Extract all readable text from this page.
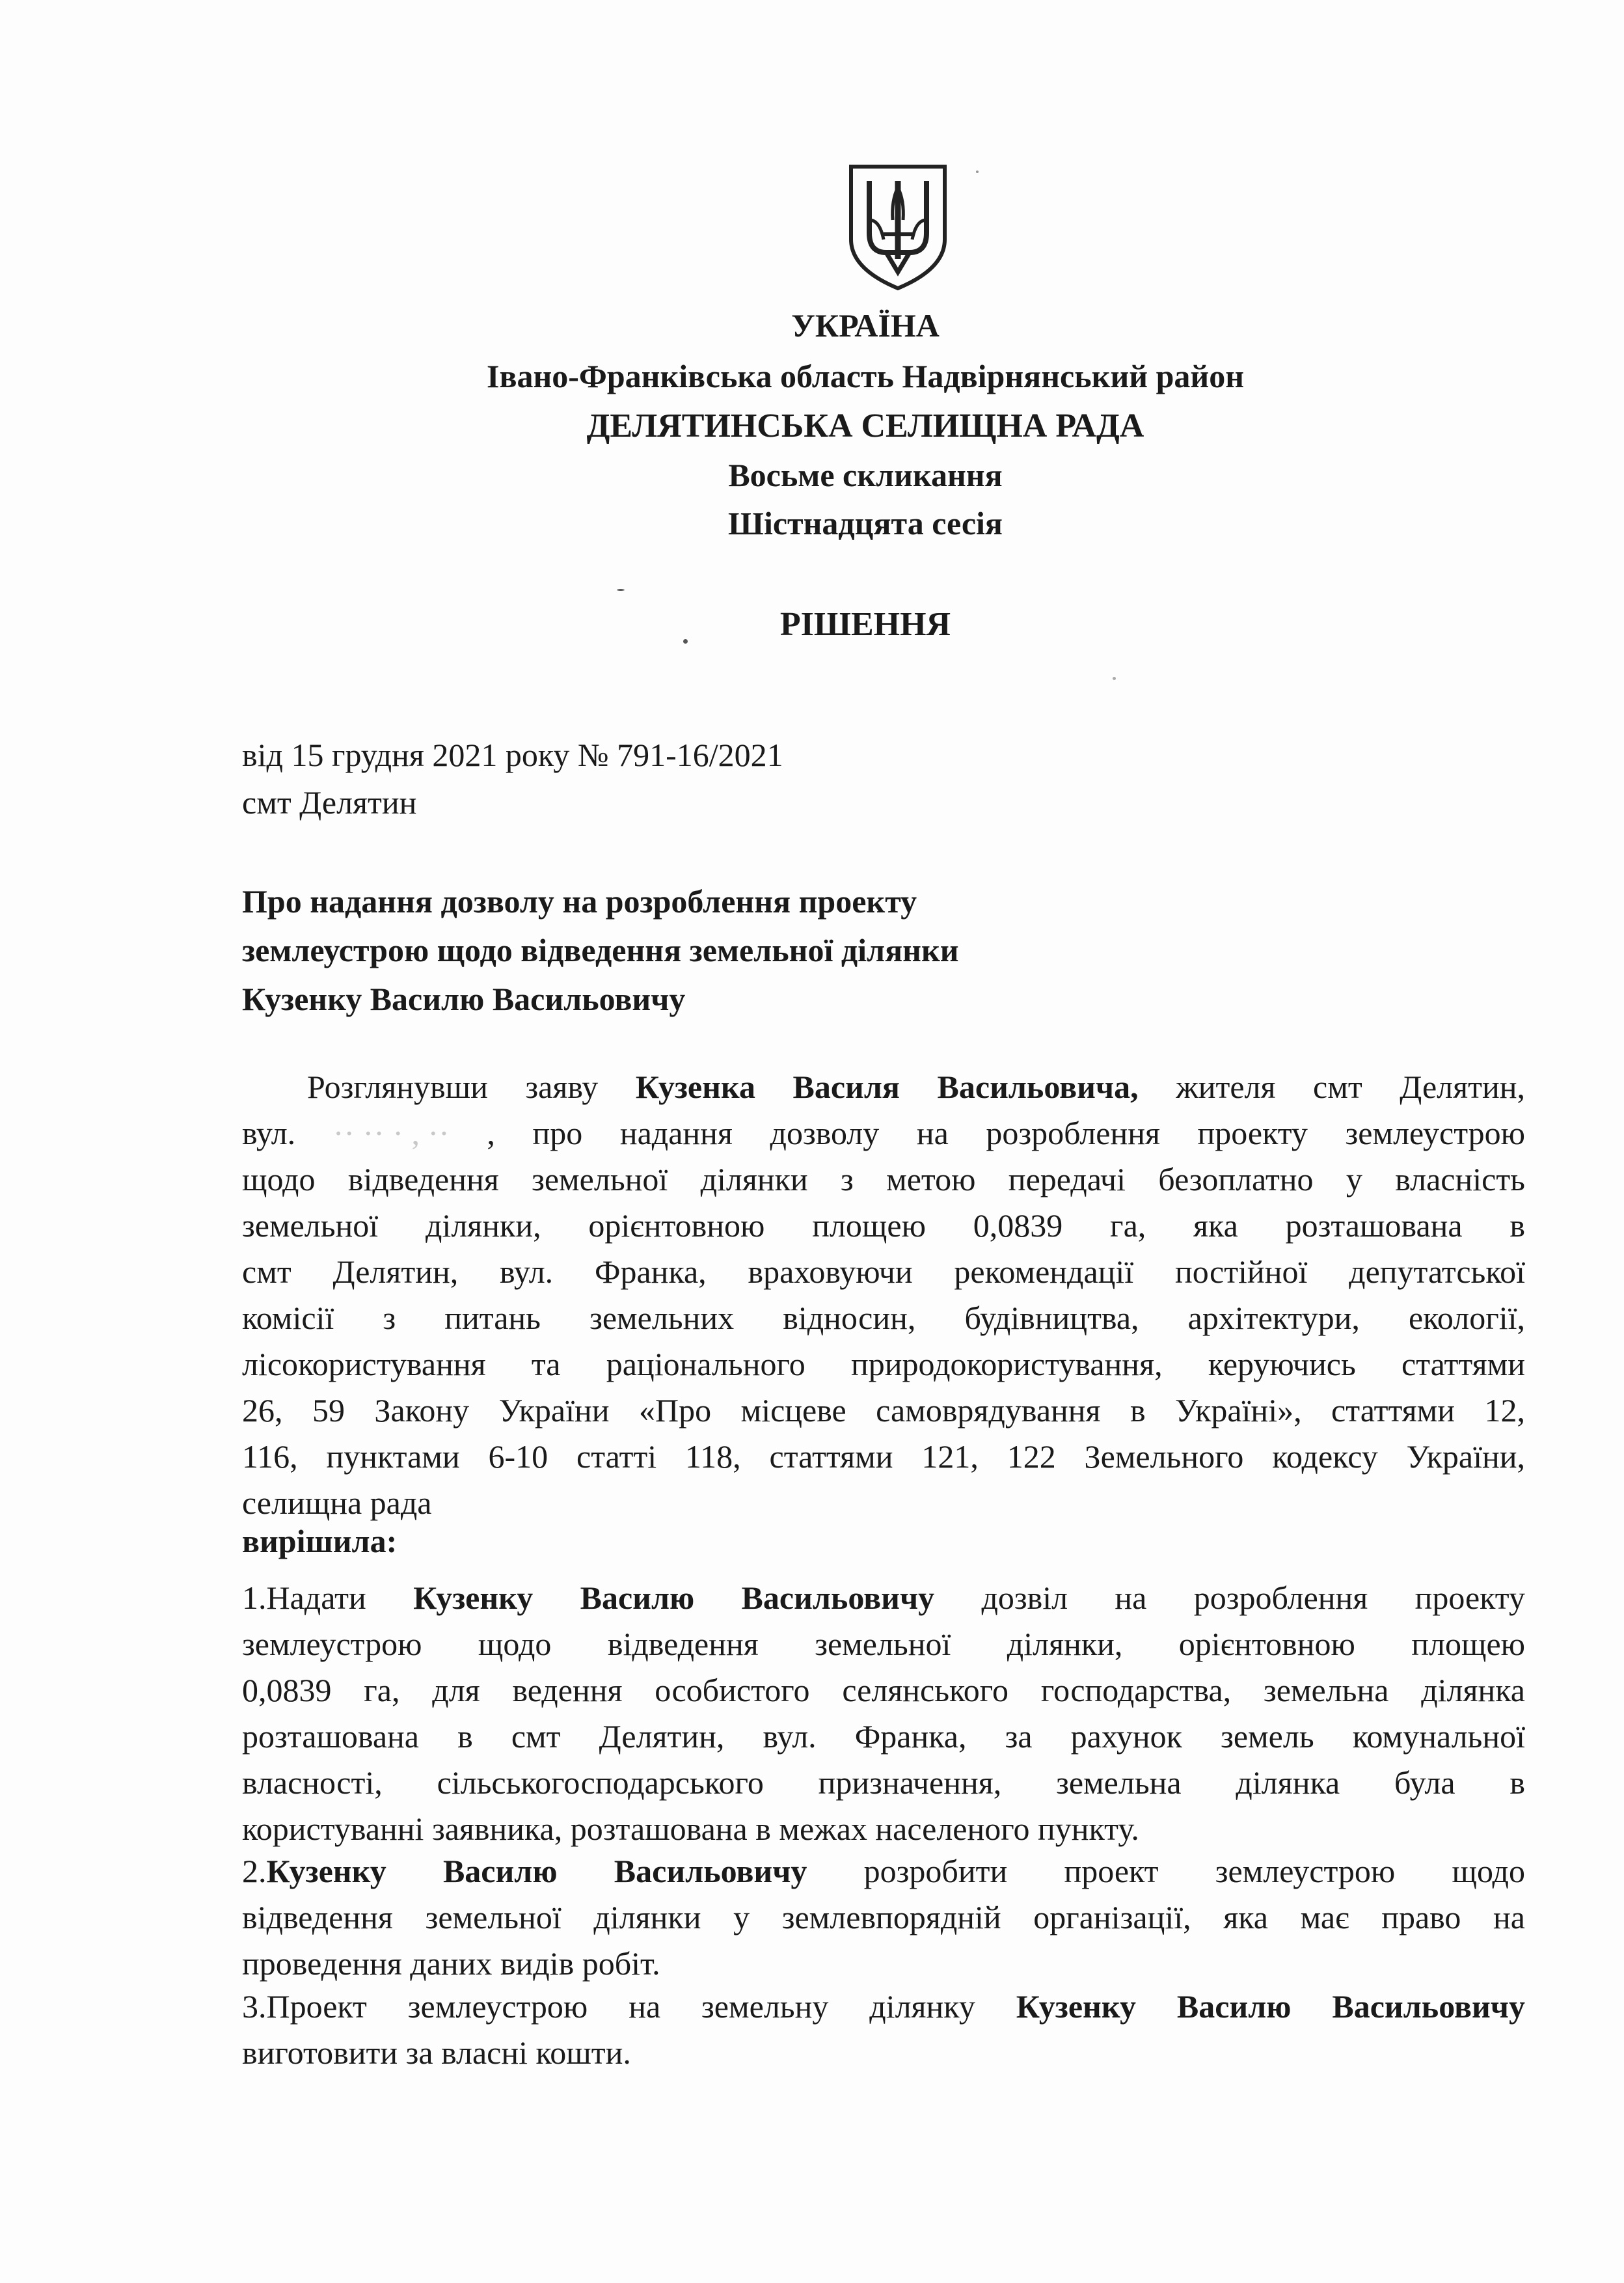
УКРАЇНА
Івано-Франківська область Надвірнянський район
ДЕЛЯТИНСЬКА СЕЛИЩНА РАДА
Восьме скликання
Шістнадцята сесія
РІШЕННЯ
від 15 грудня 2021 року № 791-16/2021
смт Делятин
Про надання дозволу на розроблення проекту
землеустрою щодо відведення земельної ділянки
Кузенку Василю Васильовичу
Розглянувши заяву Кузенка Василя Васильовича, жителя смт Делятин,
вул. ·· ·· · , ·· , про надання дозволу на розроблення проекту землеустрою
щодо відведення земельної ділянки з метою передачі безоплатно у власність
земельної ділянки, орієнтовною площею 0,0839 га, яка розташована в
смт Делятин, вул. Франка, враховуючи рекомендації постійної депутатської
комісії з питань земельних відносин, будівництва, архітектури, екології,
лісокористування та раціонального природокористування, керуючись статтями
26, 59 Закону України «Про місцеве самоврядування в Україні», статтями 12,
116, пунктами 6-10 статті 118, статтями 121, 122 Земельного кодексу України,
селищна рада
вирішила:
1.Надати Кузенку Василю Васильовичу дозвіл на розроблення проекту
землеустрою щодо відведення земельної ділянки, орієнтовною площею
0,0839 га, для ведення особистого селянського господарства, земельна ділянка
розташована в смт Делятин, вул. Франка, за рахунок земель комунальної
власності, сільськогосподарського призначення, земельна ділянка була в
користуванні заявника, розташована в межах населеного пункту.
2.Кузенку Василю Васильовичу розробити проект землеустрою щодо
відведення земельної ділянки у землевпорядній організації, яка має право на
проведення даних видів робіт.
3.Проект землеустрою на земельну ділянку Кузенку Василю Васильовичу
виготовити за власні кошти.
